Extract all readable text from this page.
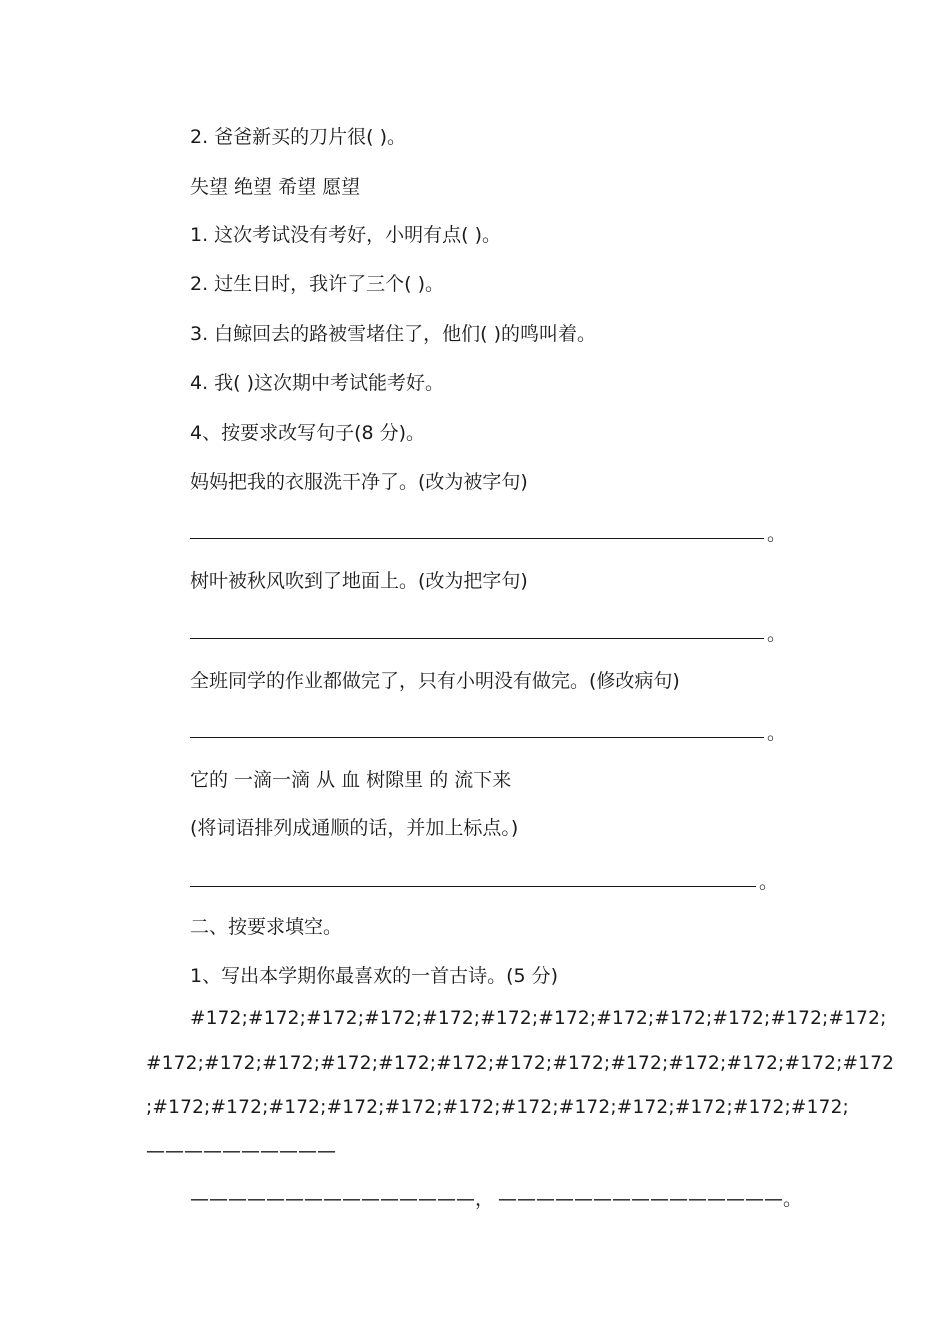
2. 爸爸新买的刀片很( )。
失望 绝望 希望 愿望
1. 这次考试没有考好，小明有点( )。
2. 过生日时，我许了三个( )。
3. 白鲸回去的路被雪堵住了，他们( )的鸣叫着。
4. 我( )这次期中考试能考好。
4、按要求改写句子(8 分)。
妈妈把我的衣服洗干净了。(改为被字句)
。
树叶被秋风吹到了地面上。(改为把字句)
。
全班同学的作业都做完了，只有小明没有做完。(修改病句)
。
它的 一滴一滴 从 血 树隙里 的 流下来
(将词语排列成通顺的话，并加上标点。)
。
二、按要求填空。
1、写出本学期你最喜欢的一首古诗。(5 分)
#172;#172;#172;#172;#172;#172;#172;#172;#172;#172;#172;#172;
#172;#172;#172;#172;#172;#172;#172;#172;#172;#172;#172;#172;#172
;#172;#172;#172;#172;#172;#172;#172;#172;#172;#172;#172;#172;
——————————
———————————————， ———————————————。
